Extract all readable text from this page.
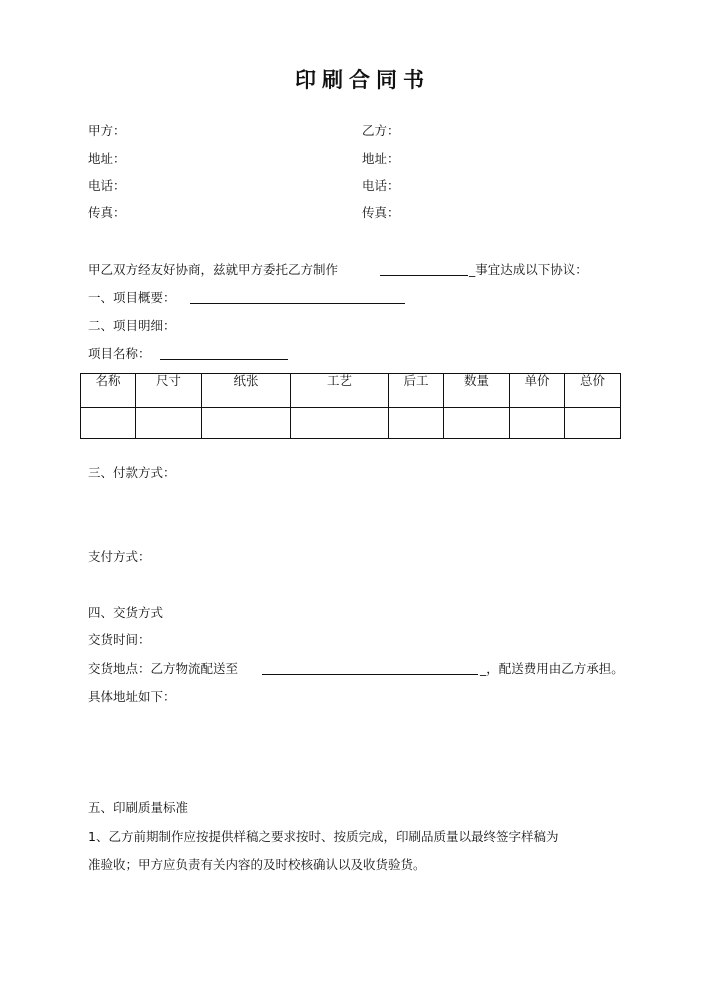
印刷合同书
甲方：
地址：
电话：
传真：
乙方：
地址：
电话：
传真：
甲乙双方经友好协商，兹就甲方委托乙方制作	_事宜达成以下协议：
一、项目概要：
二、项目明细：
项目名称：
名称	尺寸	纸张	工艺	后工	数量	单价	总价

三、付款方式：
支付方式：
四、交货方式
交货时间：
交货地点：乙方物流配送至	_，配送费用由乙方承担。
具体地址如下：
五、印刷质量标准
1、乙方前期制作应按提供样稿之要求按时、按质完成，印刷品质量以最终签字样稿为
准验收；甲方应负责有关内容的及时校核确认以及收货验货。
